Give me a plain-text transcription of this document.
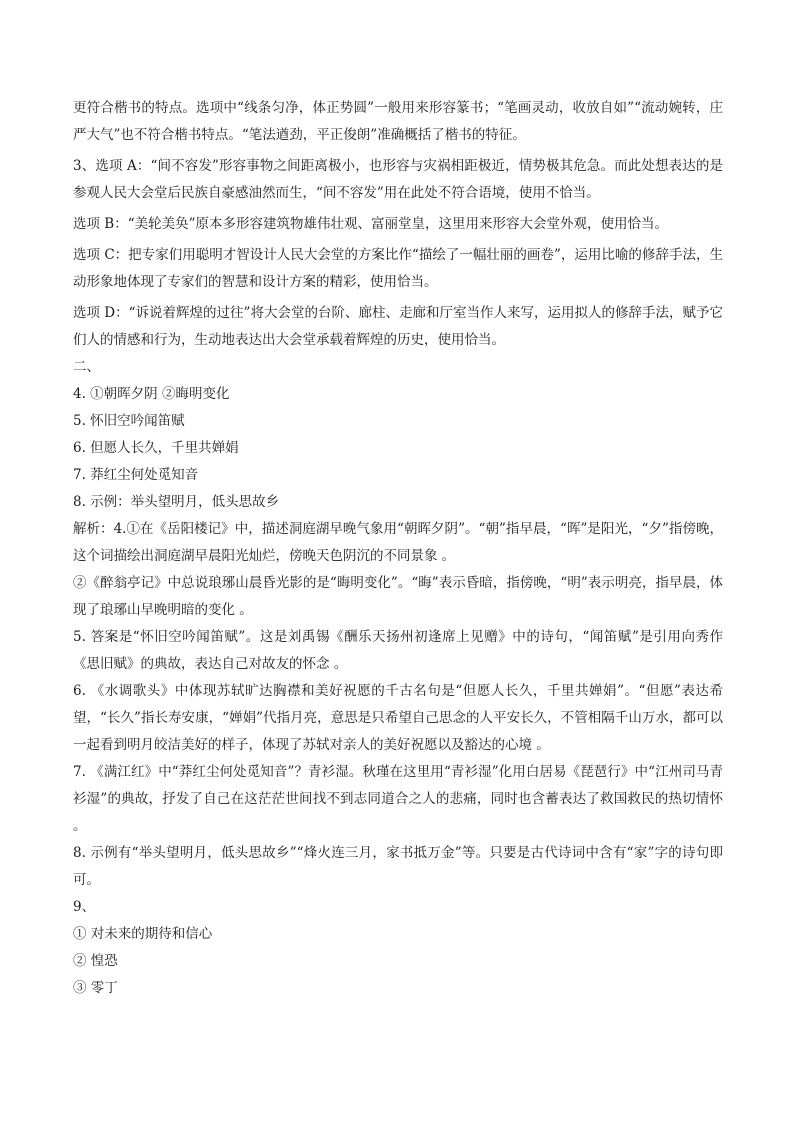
更符合楷书的特点。选项中“线条匀净，体正势圆”一般用来形容篆书；“笔画灵动，收放自如”“流动婉转，庄严大气”也不符合楷书特点。“笔法遒劲，平正俊朗”准确概括了楷书的特征。

3、选项 A：“间不容发”形容事物之间距离极小，也形容与灾祸相距极近，情势极其危急。而此处想表达的是参观人民大会堂后民族自豪感油然而生，“间不容发”用在此处不符合语境，使用不恰当。

选项 B：“美轮美奂”原本多形容建筑物雄伟壮观、富丽堂皇，这里用来形容大会堂外观，使用恰当。

选项 C：把专家们用聪明才智设计人民大会堂的方案比作“描绘了一幅壮丽的画卷”，运用比喻的修辞手法，生动形象地体现了专家们的智慧和设计方案的精彩，使用恰当。

选项 D：“诉说着辉煌的过往”将大会堂的台阶、廊柱、走廊和厅室当作人来写，运用拟人的修辞手法，赋予它们人的情感和行为，生动地表达出大会堂承载着辉煌的历史，使用恰当。

二、

4. ①朝晖夕阴 ②晦明变化

5. 怀旧空吟闻笛赋

6. 但愿人长久，千里共婵娟

7. 莽红尘何处觅知音

8. 示例：举头望明月，低头思故乡

解析：4.①在《岳阳楼记》中，描述洞庭湖早晚气象用“朝晖夕阴”。“朝”指早晨，“晖”是阳光，“夕”指傍晚，这个词描绘出洞庭湖早晨阳光灿烂，傍晚天色阴沉的不同景象 。

②《醉翁亭记》中总说琅琊山晨昏光影的是“晦明变化”。“晦”表示昏暗，指傍晚，“明”表示明亮，指早晨，体现了琅琊山早晚明暗的变化 。

5. 答案是“怀旧空吟闻笛赋”。这是刘禹锡《酬乐天扬州初逢席上见赠》中的诗句，“闻笛赋”是引用向秀作《思旧赋》的典故，表达自己对故友的怀念 。

6. 《水调歌头》中体现苏轼旷达胸襟和美好祝愿的千古名句是“但愿人长久，千里共婵娟”。“但愿”表达希望，“长久”指长寿安康，“婵娟”代指月亮，意思是只希望自己思念的人平安长久，不管相隔千山万水，都可以一起看到明月皎洁美好的样子，体现了苏轼对亲人的美好祝愿以及豁达的心境 。

7. 《满江红》中“莽红尘何处觅知音”？青衫湿。秋瑾在这里用“青衫湿”化用白居易《琵琶行》中“江州司马青衫湿”的典故，抒发了自己在这茫茫世间找不到志同道合之人的悲痛，同时也含蓄表达了救国救民的热切情怀 。

8. 示例有“举头望明月，低头思故乡”“烽火连三月，家书抵万金”等。只要是古代诗词中含有“家”字的诗句即可。

9、

① 对未来的期待和信心

② 惶恐

③ 零丁
